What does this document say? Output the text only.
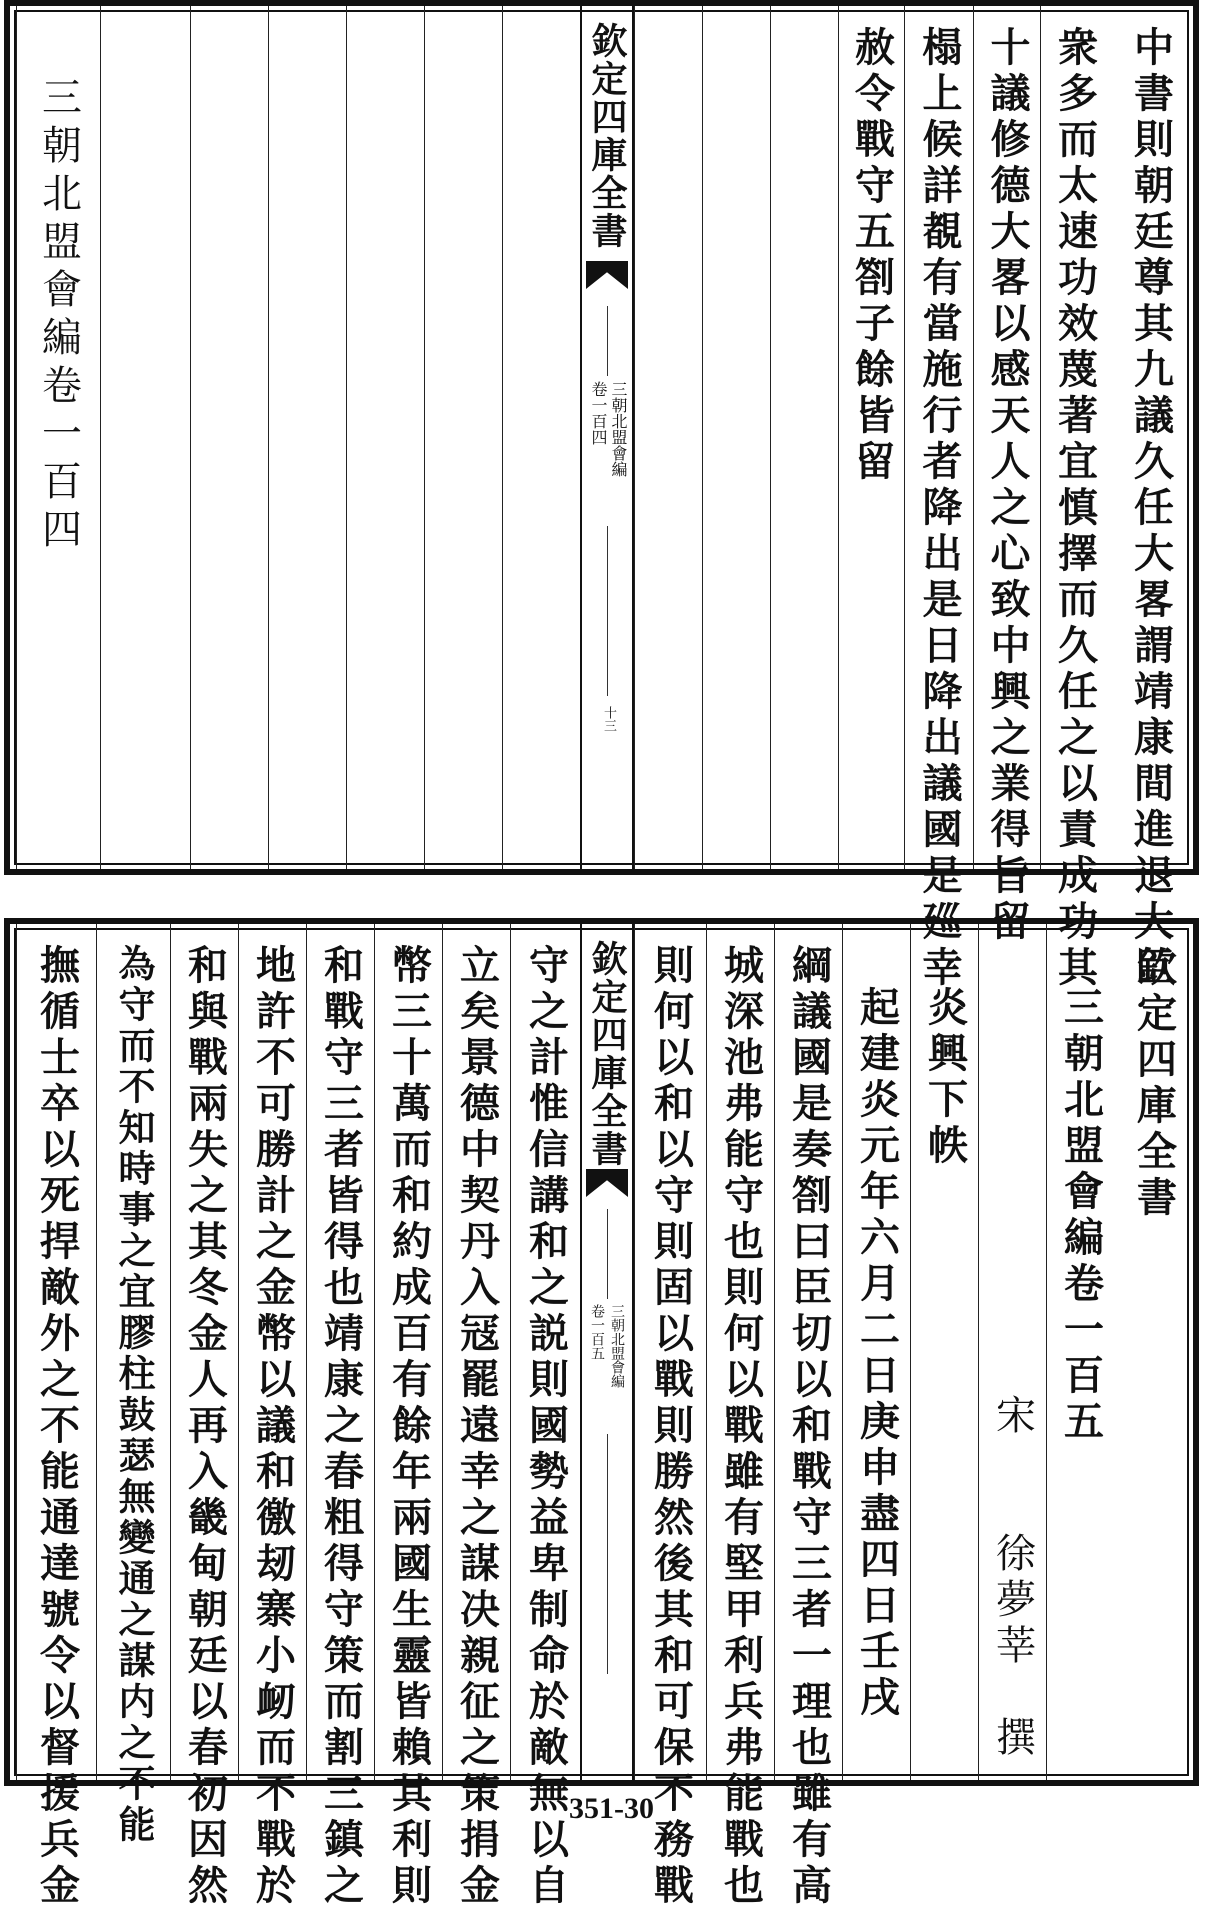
中書則朝廷尊其九議久任大畧謂靖康間進退大臣
衆多而太速功效蔑著宜慎擇而久任之以責成功其
十議修德大畧以感天人之心致中興之業得旨留
榻上候詳覩有當施行者降出是日降出議國是廵幸
赦令戰守五劄子餘皆留
欽定四庫全書
三朝北盟會編
卷一百四
十三
三朝北盟會編卷一百四
欽定四庫全書
三朝北盟會編卷一百五
宋　　徐夢莘　撰
炎興下帙
起建炎元年六月二日庚申盡四日壬戌
綱議國是奏劄曰臣切以和戰守三者一理也雖有高
城深池弗能守也則何以戰雖有堅甲利兵弗能戰也
則何以和以守則固以戰則勝然後其和可保不務戰
欽定四庫全書
三朝北盟會編
卷一百五
守之計惟信講和之説則國勢益卑制命於敵無以自
立矣景德中契丹入冦罷遠幸之謀决親征之策捐金
幣三十萬而和約成百有餘年兩國生靈皆賴其利則
和戰守三者皆得也靖康之春粗得守策而割三鎮之
地許不可勝計之金幣以議和徼刼寨小衂而不戰於
和與戰兩失之其冬金人再入畿甸朝廷以春初因然
為守而不知時事之宜膠柱鼔瑟無變通之謀内之不能
撫循士卒以死捍敵外之不能通達號令以督援兵金	351-30
